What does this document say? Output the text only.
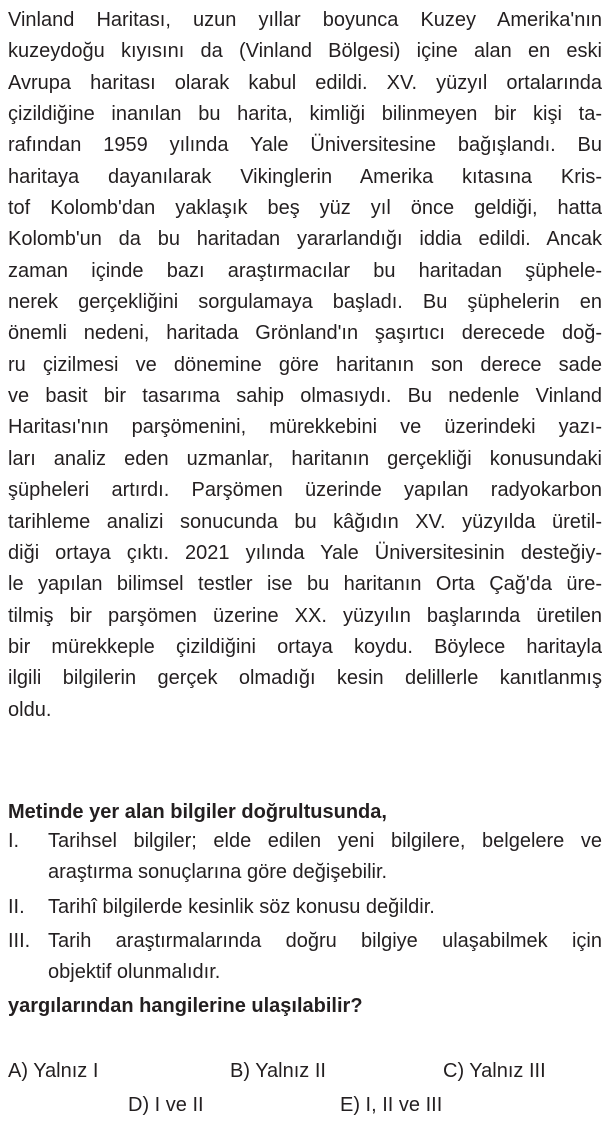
Vinland Haritası, uzun yıllar boyunca Kuzey Amerika'nın
kuzeydoğu kıyısını da (Vinland Bölgesi) içine alan en eski
Avrupa haritası olarak kabul edildi. XV. yüzyıl ortalarında
çizildiğine inanılan bu harita, kimliği bilinmeyen bir kişi ta-
rafından 1959 yılında Yale Üniversitesine bağışlandı. Bu
haritaya dayanılarak Vikinglerin Amerika kıtasına Kris-
tof Kolomb'dan yaklaşık beş yüz yıl önce geldiği, hatta
Kolomb'un da bu haritadan yararlandığı iddia edildi. Ancak
zaman içinde bazı araştırmacılar bu haritadan şüphele-
nerek gerçekliğini sorgulamaya başladı. Bu şüphelerin en
önemli nedeni, haritada Grönland'ın şaşırtıcı derecede doğ-
ru çizilmesi ve dönemine göre haritanın son derece sade
ve basit bir tasarıma sahip olmasıydı. Bu nedenle Vinland
Haritası'nın parşömenini, mürekkebini ve üzerindeki yazı-
ları analiz eden uzmanlar, haritanın gerçekliği konusundaki
şüpheleri artırdı. Parşömen üzerinde yapılan radyokarbon
tarihleme analizi sonucunda bu kâğıdın XV. yüzyılda üretil-
diği ortaya çıktı. 2021 yılında Yale Üniversitesinin desteğiy-
le yapılan bilimsel testler ise bu haritanın Orta Çağ'da üre-
tilmiş bir parşömen üzerine XX. yüzyılın başlarında üretilen
bir mürekkeple çizildiğini ortaya koydu. Böylece haritayla
ilgili bilgilerin gerçek olmadığı kesin delillerle kanıtlanmış
oldu.
Metinde yer alan bilgiler doğrultusunda,
I. Tarihsel bilgiler; elde edilen yeni bilgilere, belgelere ve
araştırma sonuçlarına göre değişebilir.
II. Tarihî bilgilerde kesinlik söz konusu değildir.
III. Tarih araştırmalarında doğru bilgiye ulaşabilmek için
objektif olunmalıdır.
yargılarından hangilerine ulaşılabilir?
A) Yalnız I	B) Yalnız II	C) Yalnız III
D) I ve II	E) I, II ve III
